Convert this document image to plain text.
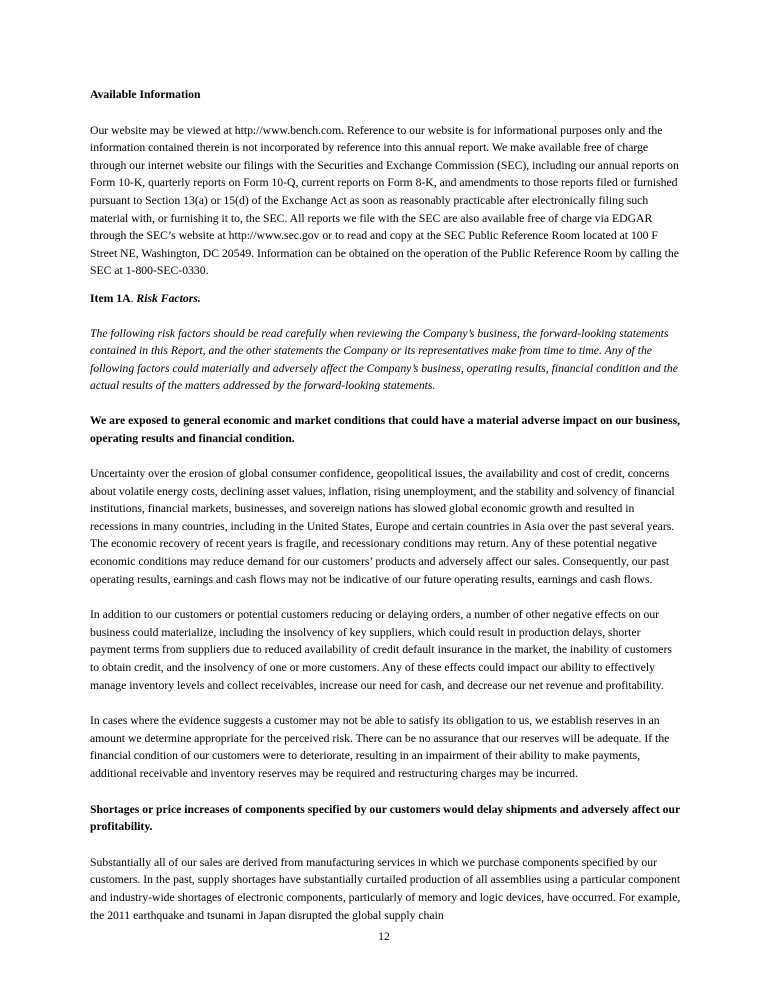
Available Information

Our website may be viewed at http://www.bench.com. Reference to our website is for informational purposes only and the information contained therein is not incorporated by reference into this annual report. We make available free of charge through our internet website our filings with the Securities and Exchange Commission (SEC), including our annual reports on Form 10-K, quarterly reports on Form 10-Q, current reports on Form 8-K, and amendments to those reports filed or furnished pursuant to Section 13(a) or 15(d) of the Exchange Act as soon as reasonably practicable after electronically filing such material with, or furnishing it to, the SEC. All reports we file with the SEC are also available free of charge via EDGAR through the SEC’s website at http://www.sec.gov or to read and copy at the SEC Public Reference Room located at 100 F Street NE, Washington, DC 20549. Information can be obtained on the operation of the Public Reference Room by calling the SEC at 1-800-SEC-0330.

Item 1A. Risk Factors.

The following risk factors should be read carefully when reviewing the Company’s business, the forward-looking statements contained in this Report, and the other statements the Company or its representatives make from time to time. Any of the following factors could materially and adversely affect the Company’s business, operating results, financial condition and the actual results of the matters addressed by the forward-looking statements.

We are exposed to general economic and market conditions that could have a material adverse impact on our business, operating results and financial condition.

Uncertainty over the erosion of global consumer confidence, geopolitical issues, the availability and cost of credit, concerns about volatile energy costs, declining asset values, inflation, rising unemployment, and the stability and solvency of financial institutions, financial markets, businesses, and sovereign nations has slowed global economic growth and resulted in recessions in many countries, including in the United States, Europe and certain countries in Asia over the past several years. The economic recovery of recent years is fragile, and recessionary conditions may return. Any of these potential negative economic conditions may reduce demand for our customers’ products and adversely affect our sales. Consequently, our past operating results, earnings and cash flows may not be indicative of our future operating results, earnings and cash flows.

In addition to our customers or potential customers reducing or delaying orders, a number of other negative effects on our business could materialize, including the insolvency of key suppliers, which could result in production delays, shorter payment terms from suppliers due to reduced availability of credit default insurance in the market, the inability of customers to obtain credit, and the insolvency of one or more customers. Any of these effects could impact our ability to effectively manage inventory levels and collect receivables, increase our need for cash, and decrease our net revenue and profitability.

In cases where the evidence suggests a customer may not be able to satisfy its obligation to us, we establish reserves in an amount we determine appropriate for the perceived risk. There can be no assurance that our reserves will be adequate. If the financial condition of our customers were to deteriorate, resulting in an impairment of their ability to make payments, additional receivable and inventory reserves may be required and restructuring charges may be incurred.

Shortages or price increases of components specified by our customers would delay shipments and adversely affect our profitability.

Substantially all of our sales are derived from manufacturing services in which we purchase components specified by our customers. In the past, supply shortages have substantially curtailed production of all assemblies using a particular component and industry-wide shortages of electronic components, particularly of memory and logic devices, have occurred. For example, the 2011 earthquake and tsunami in Japan disrupted the global supply chain

12
